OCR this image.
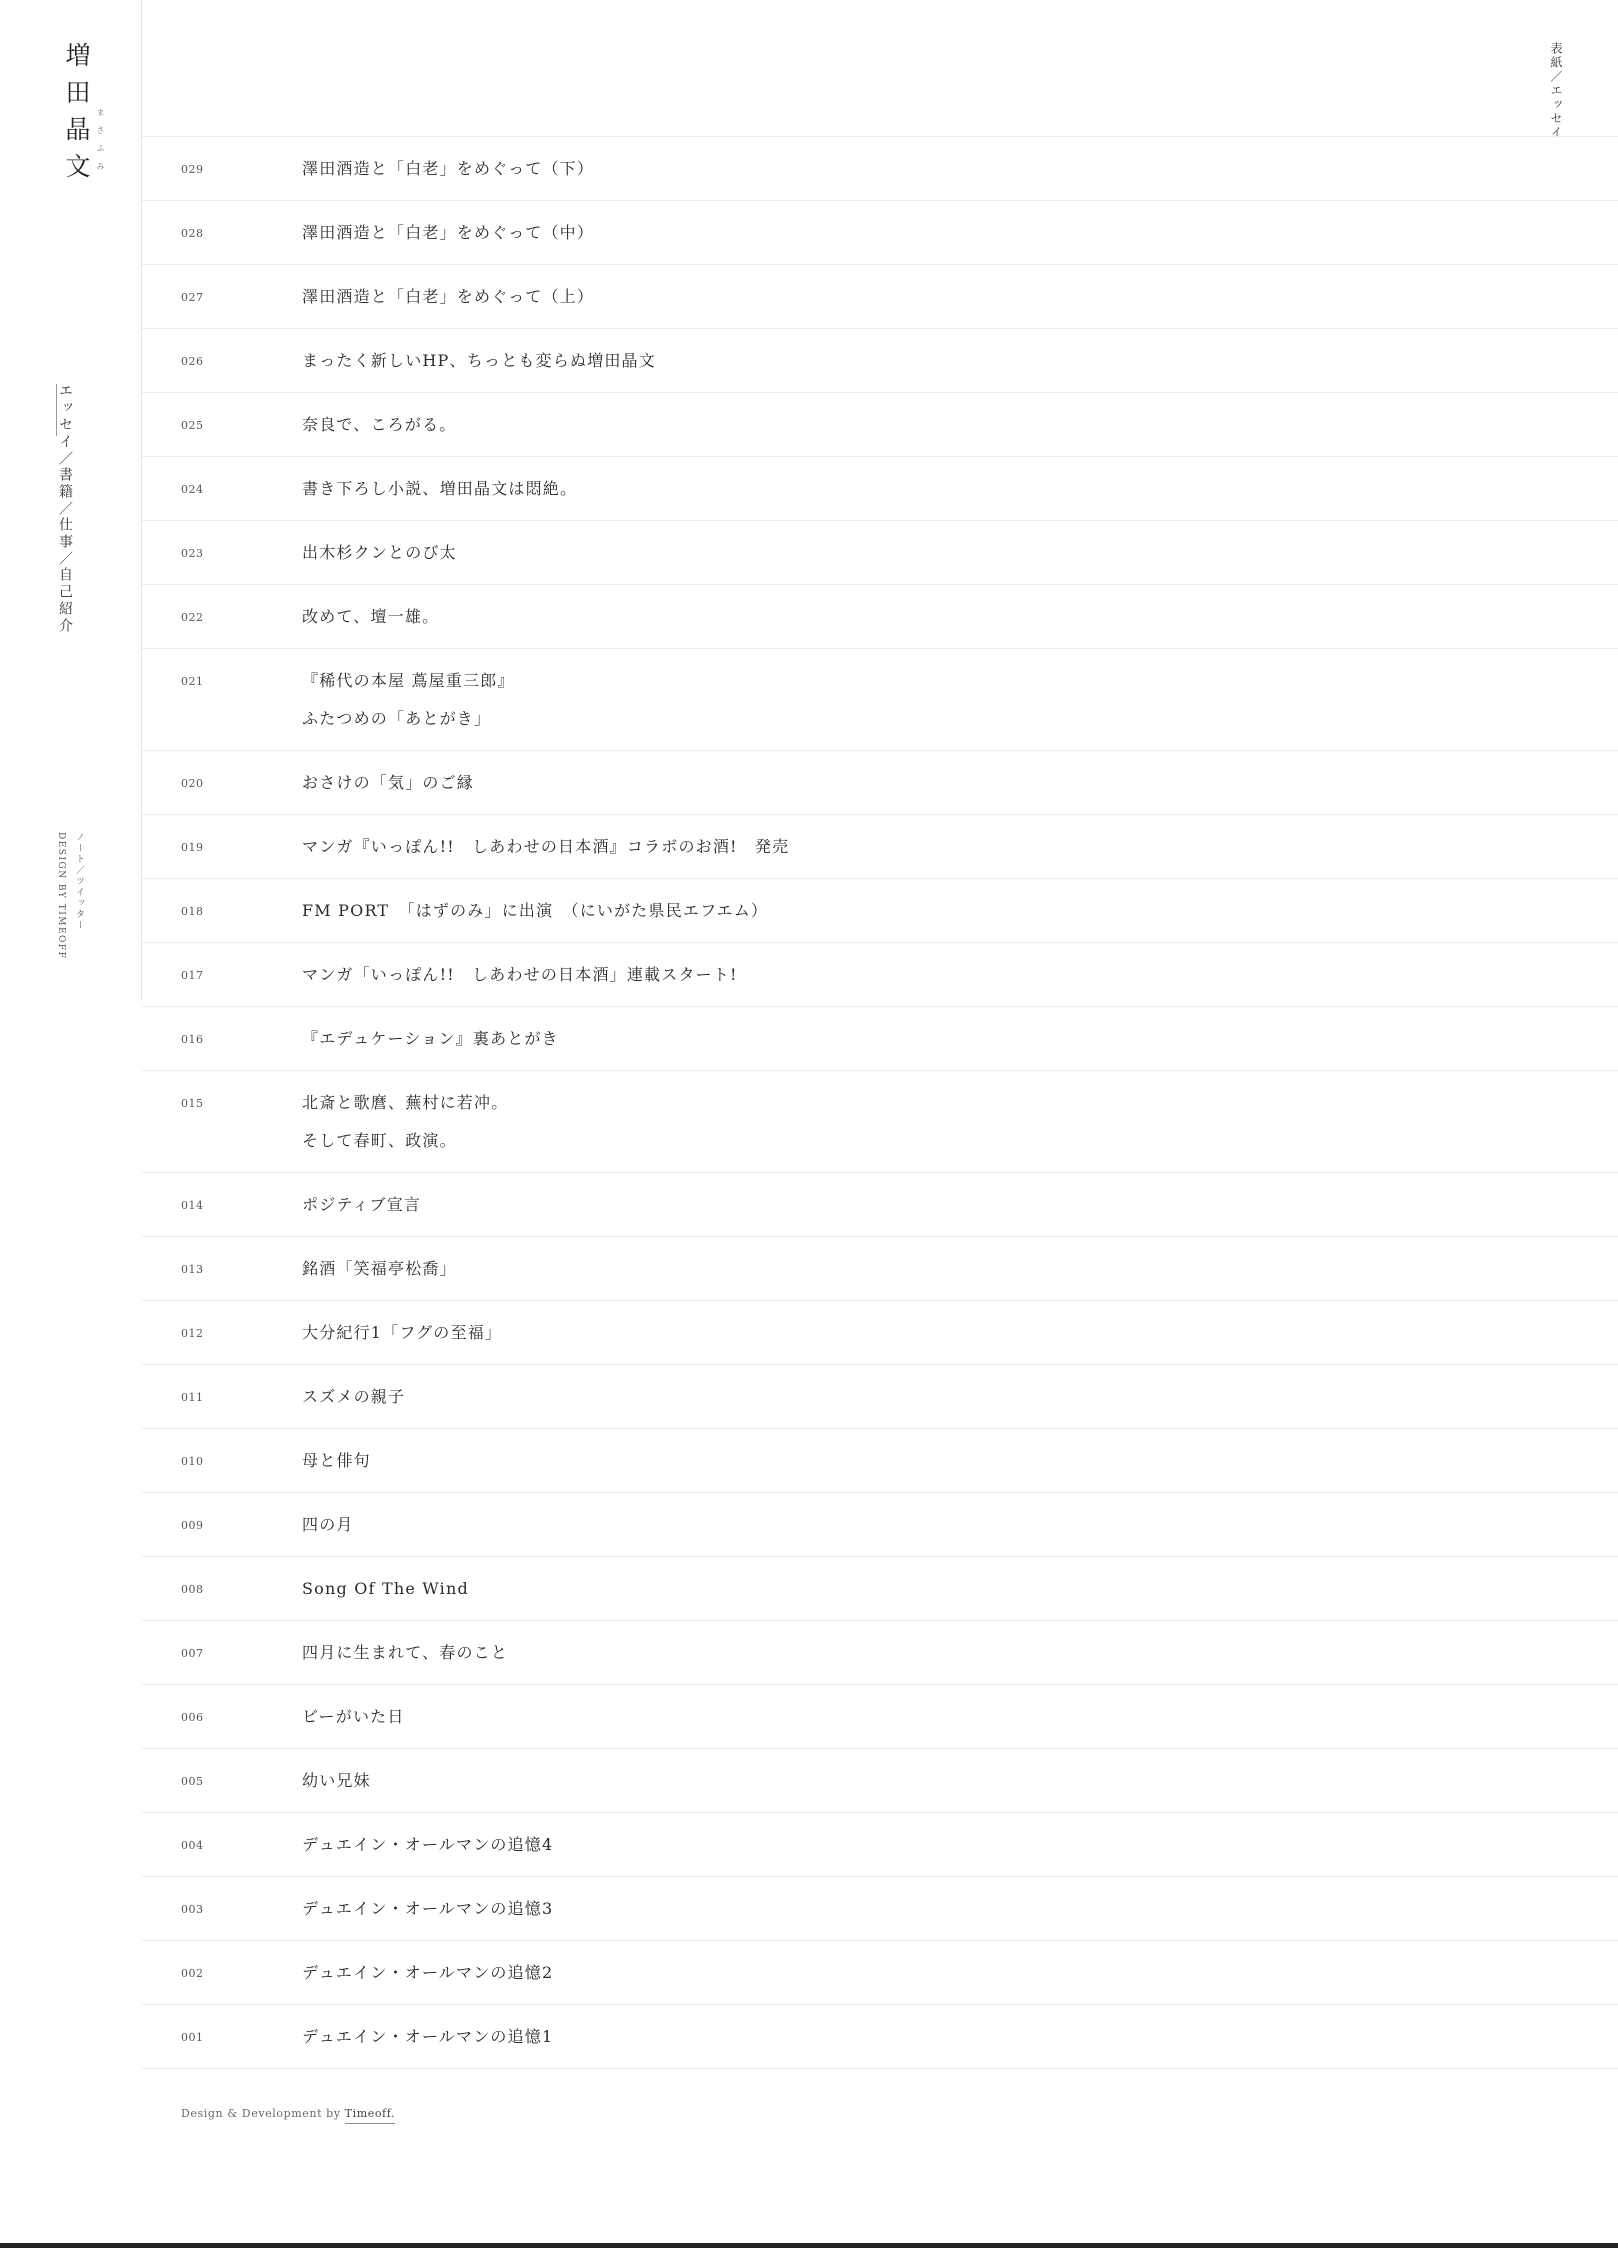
増田晶文 まさふみ
エッセイ／書籍／仕事／自己紹介
ノート／ツイッター
DESIGN BY TIMEOFF
表紙／エッセイ
029	澤田酒造と「白老」をめぐって（下）
028	澤田酒造と「白老」をめぐって（中）
027	澤田酒造と「白老」をめぐって（上）
026	まったく新しいHP、ちっとも変らぬ増田晶文
025	奈良で、ころがる。
024	書き下ろし小説、増田晶文は悶絶。
023	出木杉クンとのび太
022	改めて、壇一雄。
021	『稀代の本屋 蔦屋重三郎』
ふたつめの「あとがき」
020	おさけの「気」のご縁
019	マンガ『いっぽん!!　しあわせの日本酒』コラボのお酒!　発売
018	FM PORT　「はずのみ」に出演　（にいがた県民エフエム）
017	マンガ「いっぽん!!　しあわせの日本酒」連載スタート!
016	『エデュケーション』裏あとがき
015	北斎と歌麿、蕪村に若冲。
そして春町、政演。
014	ポジティブ宣言
013	銘酒「笑福亭松喬」
012	大分紀行1「フグの至福」
011	スズメの親子
010	母と俳句
009	四の月
008	Song Of The Wind
007	四月に生まれて、春のこと
006	ビーがいた日
005	幼い兄妹
004	デュエイン・オールマンの追憶4
003	デュエイン・オールマンの追憶3
002	デュエイン・オールマンの追憶2
001	デュエイン・オールマンの追憶1
Design & Development by Timeoff.
